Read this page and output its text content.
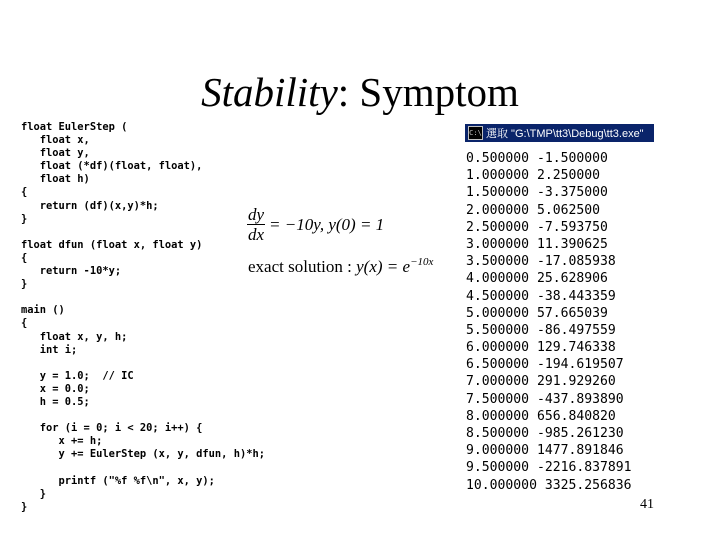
Stability: Symptom
float EulerStep (
float x,
float y,
float (*df)(float, float),
float h)
{
return (df)(x,y)*h;
}
float dfun (float x, float y)
{
return -10*y;
}
main ()
{
float x, y, h;
int i;
y = 1.0;  // IC
x = 0.0;
h = 0.5;
for (i = 0; i < 20; i++) {
x += h;
y += EulerStep (x, y, dfun, h)*h;
printf ("%f %f\n", x, y);
}
}
$\frac{dy}{dx} = -10y$, y(0) = 1
exact solution : $y(x) = e^{-10x}$
C:\ 選取 "G:\TMP\tt3\Debug\tt3.exe"
0.500000 -1.500000
1.000000 2.250000
1.500000 -3.375000
2.000000 5.062500
2.500000 -7.593750
3.000000 11.390625
3.500000 -17.085938
4.000000 25.628906
4.500000 -38.443359
5.000000 57.665039
5.500000 -86.497559
6.000000 129.746338
6.500000 -194.619507
7.000000 291.929260
7.500000 -437.893890
8.000000 656.840820
8.500000 -985.261230
9.000000 1477.891846
9.500000 -2216.837891
10.000000 3325.256836
41
